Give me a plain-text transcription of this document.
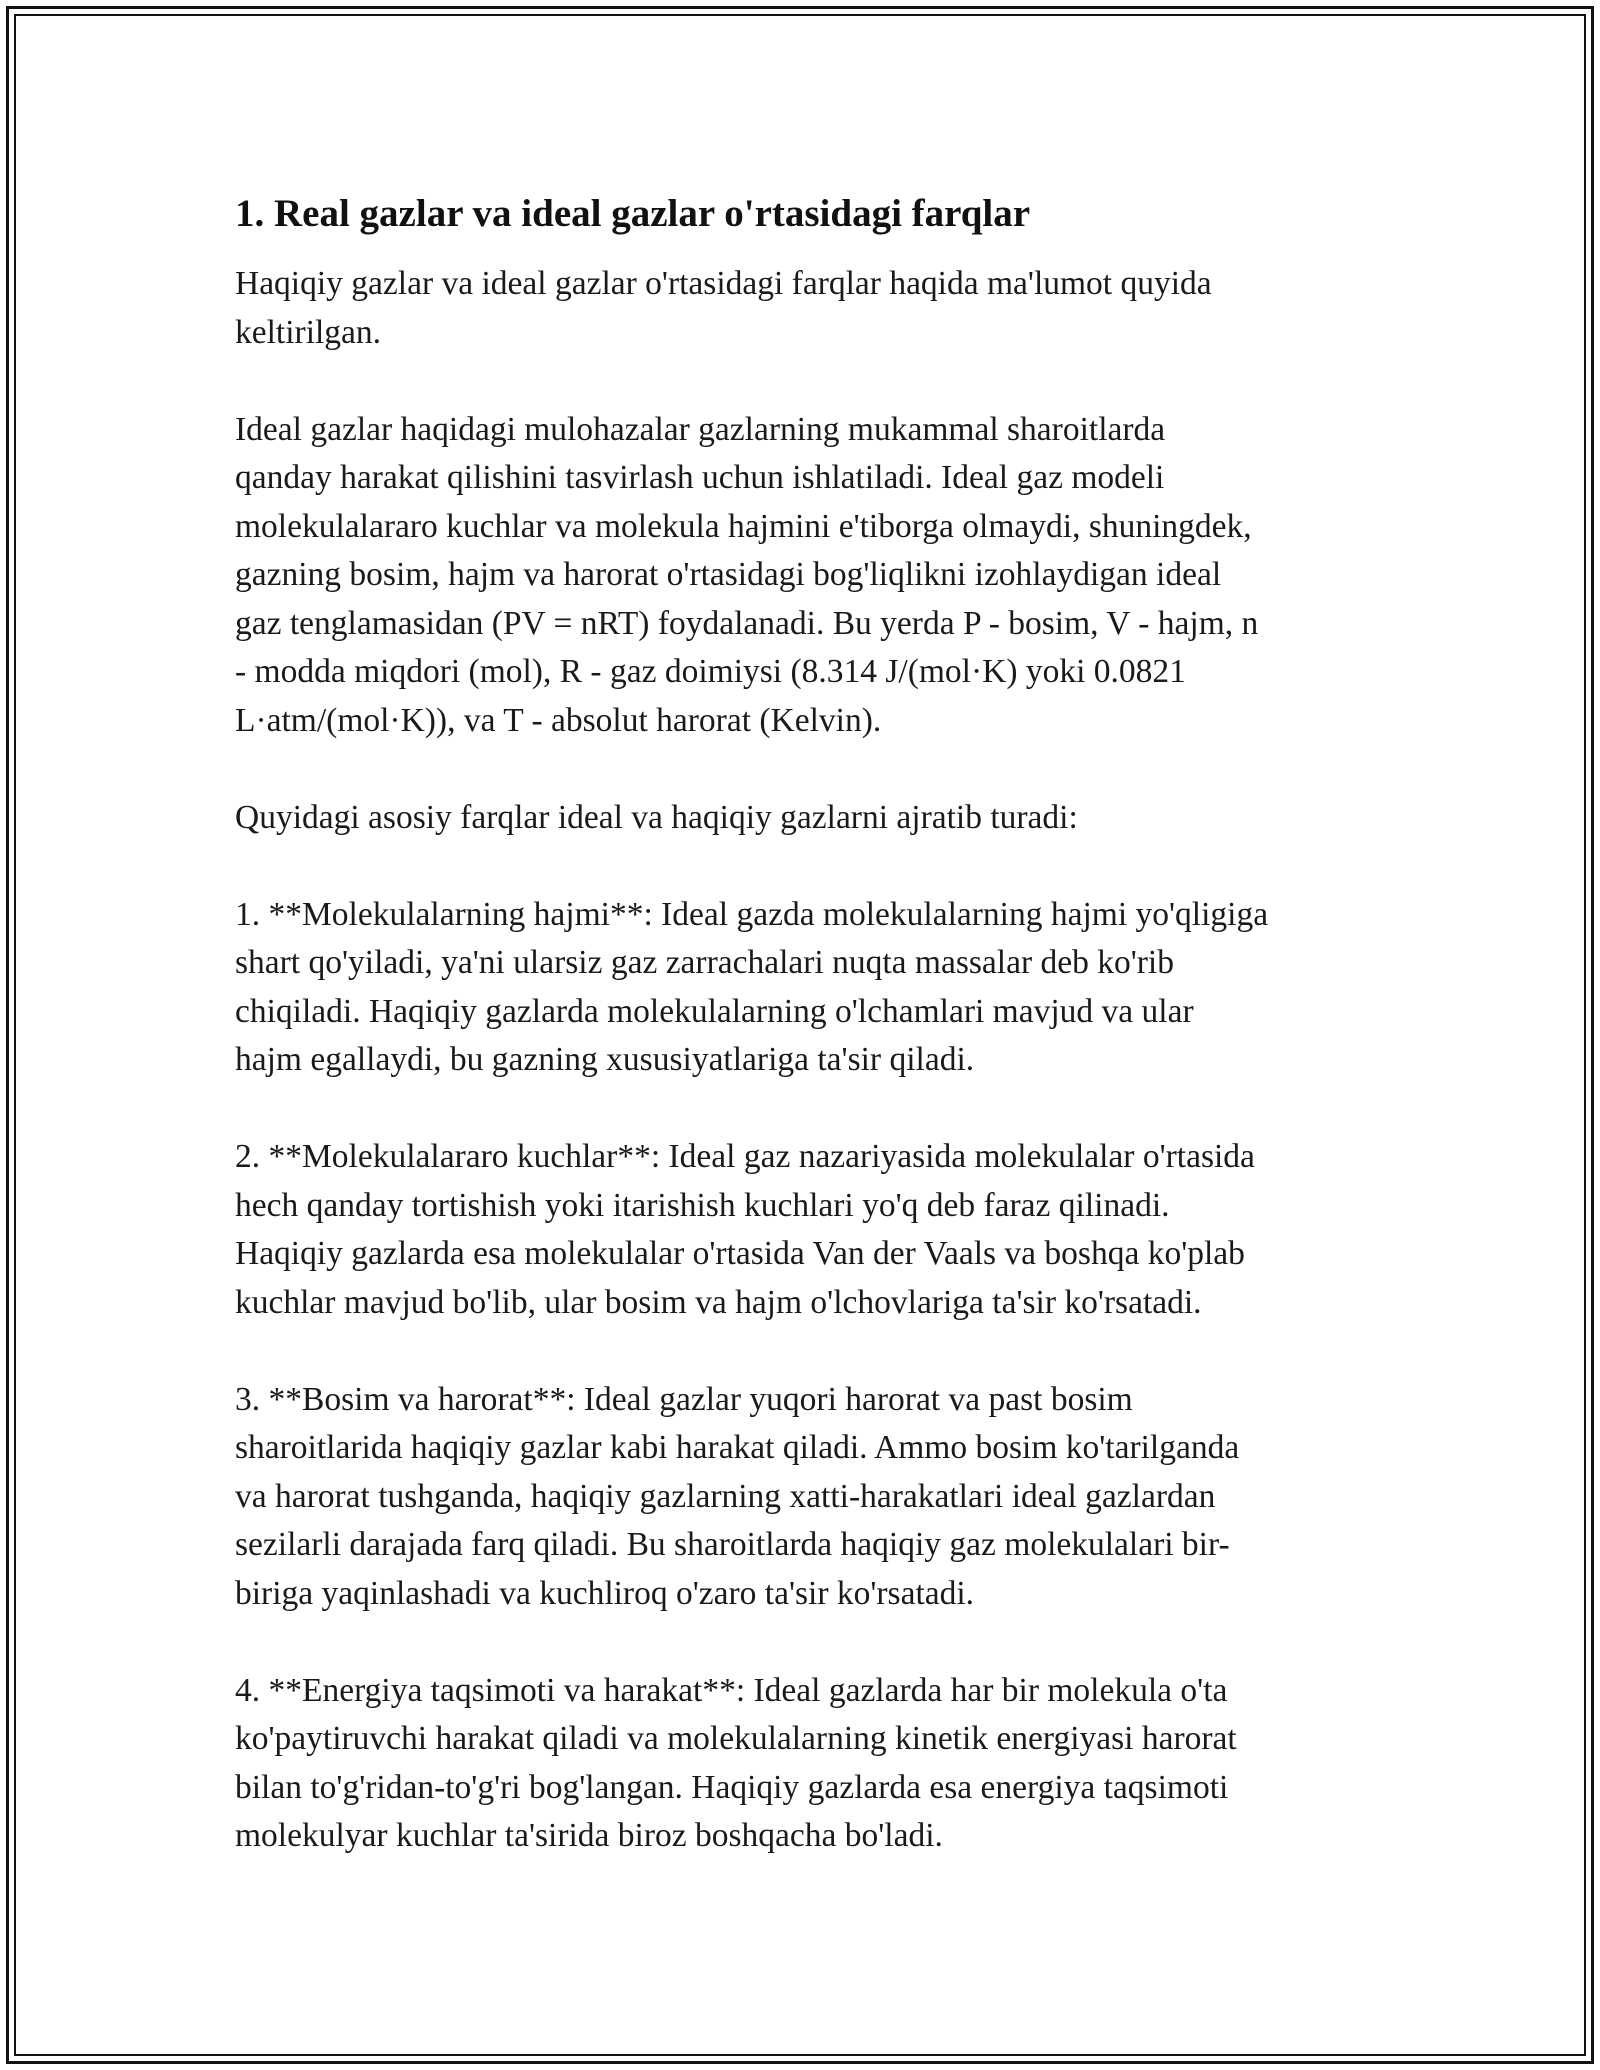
1. Real gazlar va ideal gazlar o'rtasidagi farqlar

Haqiqiy gazlar va ideal gazlar o'rtasidagi farqlar haqida ma'lumot quyida
keltirilgan.

Ideal gazlar haqidagi mulohazalar gazlarning mukammal sharoitlarda
qanday harakat qilishini tasvirlash uchun ishlatiladi. Ideal gaz modeli
molekulalararo kuchlar va molekula hajmini e'tiborga olmaydi, shuningdek,
gazning bosim, hajm va harorat o'rtasidagi bog'liqlikni izohlaydigan ideal
gaz tenglamasidan (PV = nRT) foydalanadi. Bu yerda P - bosim, V - hajm, n
- modda miqdori (mol), R - gaz doimiysi (8.314 J/(mol·K) yoki 0.0821
L·atm/(mol·K)), va T - absolut harorat (Kelvin).

Quyidagi asosiy farqlar ideal va haqiqiy gazlarni ajratib turadi:

1. **Molekulalarning hajmi**: Ideal gazda molekulalarning hajmi yo'qligiga
shart qo'yiladi, ya'ni ularsiz gaz zarrachalari nuqta massalar deb ko'rib
chiqiladi. Haqiqiy gazlarda molekulalarning o'lchamlari mavjud va ular
hajm egallaydi, bu gazning xususiyatlariga ta'sir qiladi.

2. **Molekulalararo kuchlar**: Ideal gaz nazariyasida molekulalar o'rtasida
hech qanday tortishish yoki itarishish kuchlari yo'q deb faraz qilinadi.
Haqiqiy gazlarda esa molekulalar o'rtasida Van der Vaals va boshqa ko'plab
kuchlar mavjud bo'lib, ular bosim va hajm o'lchovlariga ta'sir ko'rsatadi.

3. **Bosim va harorat**: Ideal gazlar yuqori harorat va past bosim
sharoitlarida haqiqiy gazlar kabi harakat qiladi. Ammo bosim ko'tarilganda
va harorat tushganda, haqiqiy gazlarning xatti-harakatlari ideal gazlardan
sezilarli darajada farq qiladi. Bu sharoitlarda haqiqiy gaz molekulalari bir-
biriga yaqinlashadi va kuchliroq o'zaro ta'sir ko'rsatadi.

4. **Energiya taqsimoti va harakat**: Ideal gazlarda har bir molekula o'ta
ko'paytiruvchi harakat qiladi va molekulalarning kinetik energiyasi harorat
bilan to'g'ridan-to'g'ri bog'langan. Haqiqiy gazlarda esa energiya taqsimoti
molekulyar kuchlar ta'sirida biroz boshqacha bo'ladi.
